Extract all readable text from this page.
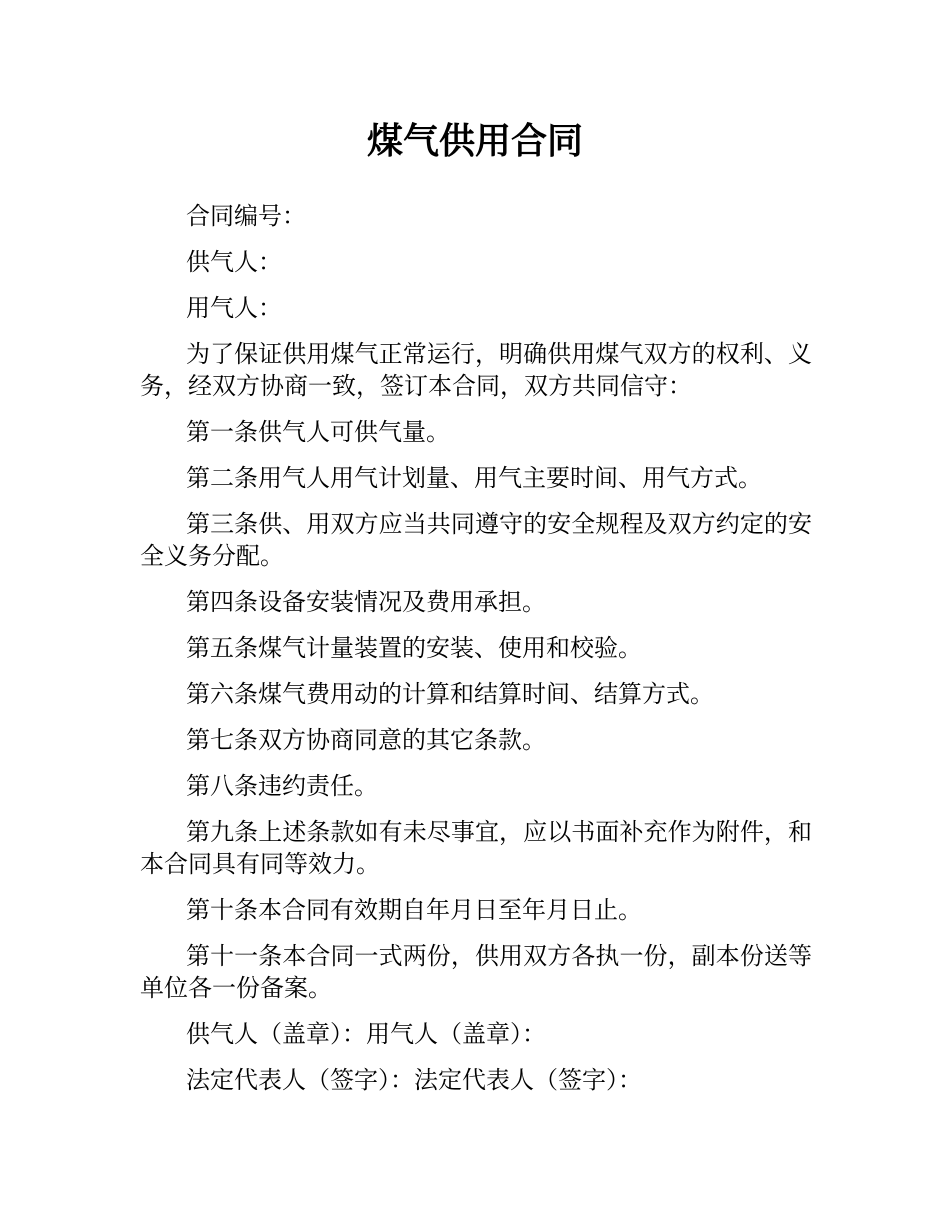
煤气供用合同

合同编号：

供气人：

用气人：

为了保证供用煤气正常运行，明确供用煤气双方的权利、义务，经双方协商一致，签订本合同，双方共同信守：

第一条供气人可供气量。

第二条用气人用气计划量、用气主要时间、用气方式。

第三条供、用双方应当共同遵守的安全规程及双方约定的安全义务分配。

第四条设备安装情况及费用承担。

第五条煤气计量装置的安装、使用和校验。

第六条煤气费用动的计算和结算时间、结算方式。

第七条双方协商同意的其它条款。

第八条违约责任。

第九条上述条款如有未尽事宜，应以书面补充作为附件，和本合同具有同等效力。

第十条本合同有效期自年月日至年月日止。

第十一条本合同一式两份，供用双方各执一份，副本份送等单位各一份备案。

供气人（盖章）：用气人（盖章）：

法定代表人（签字）：法定代表人（签字）：
